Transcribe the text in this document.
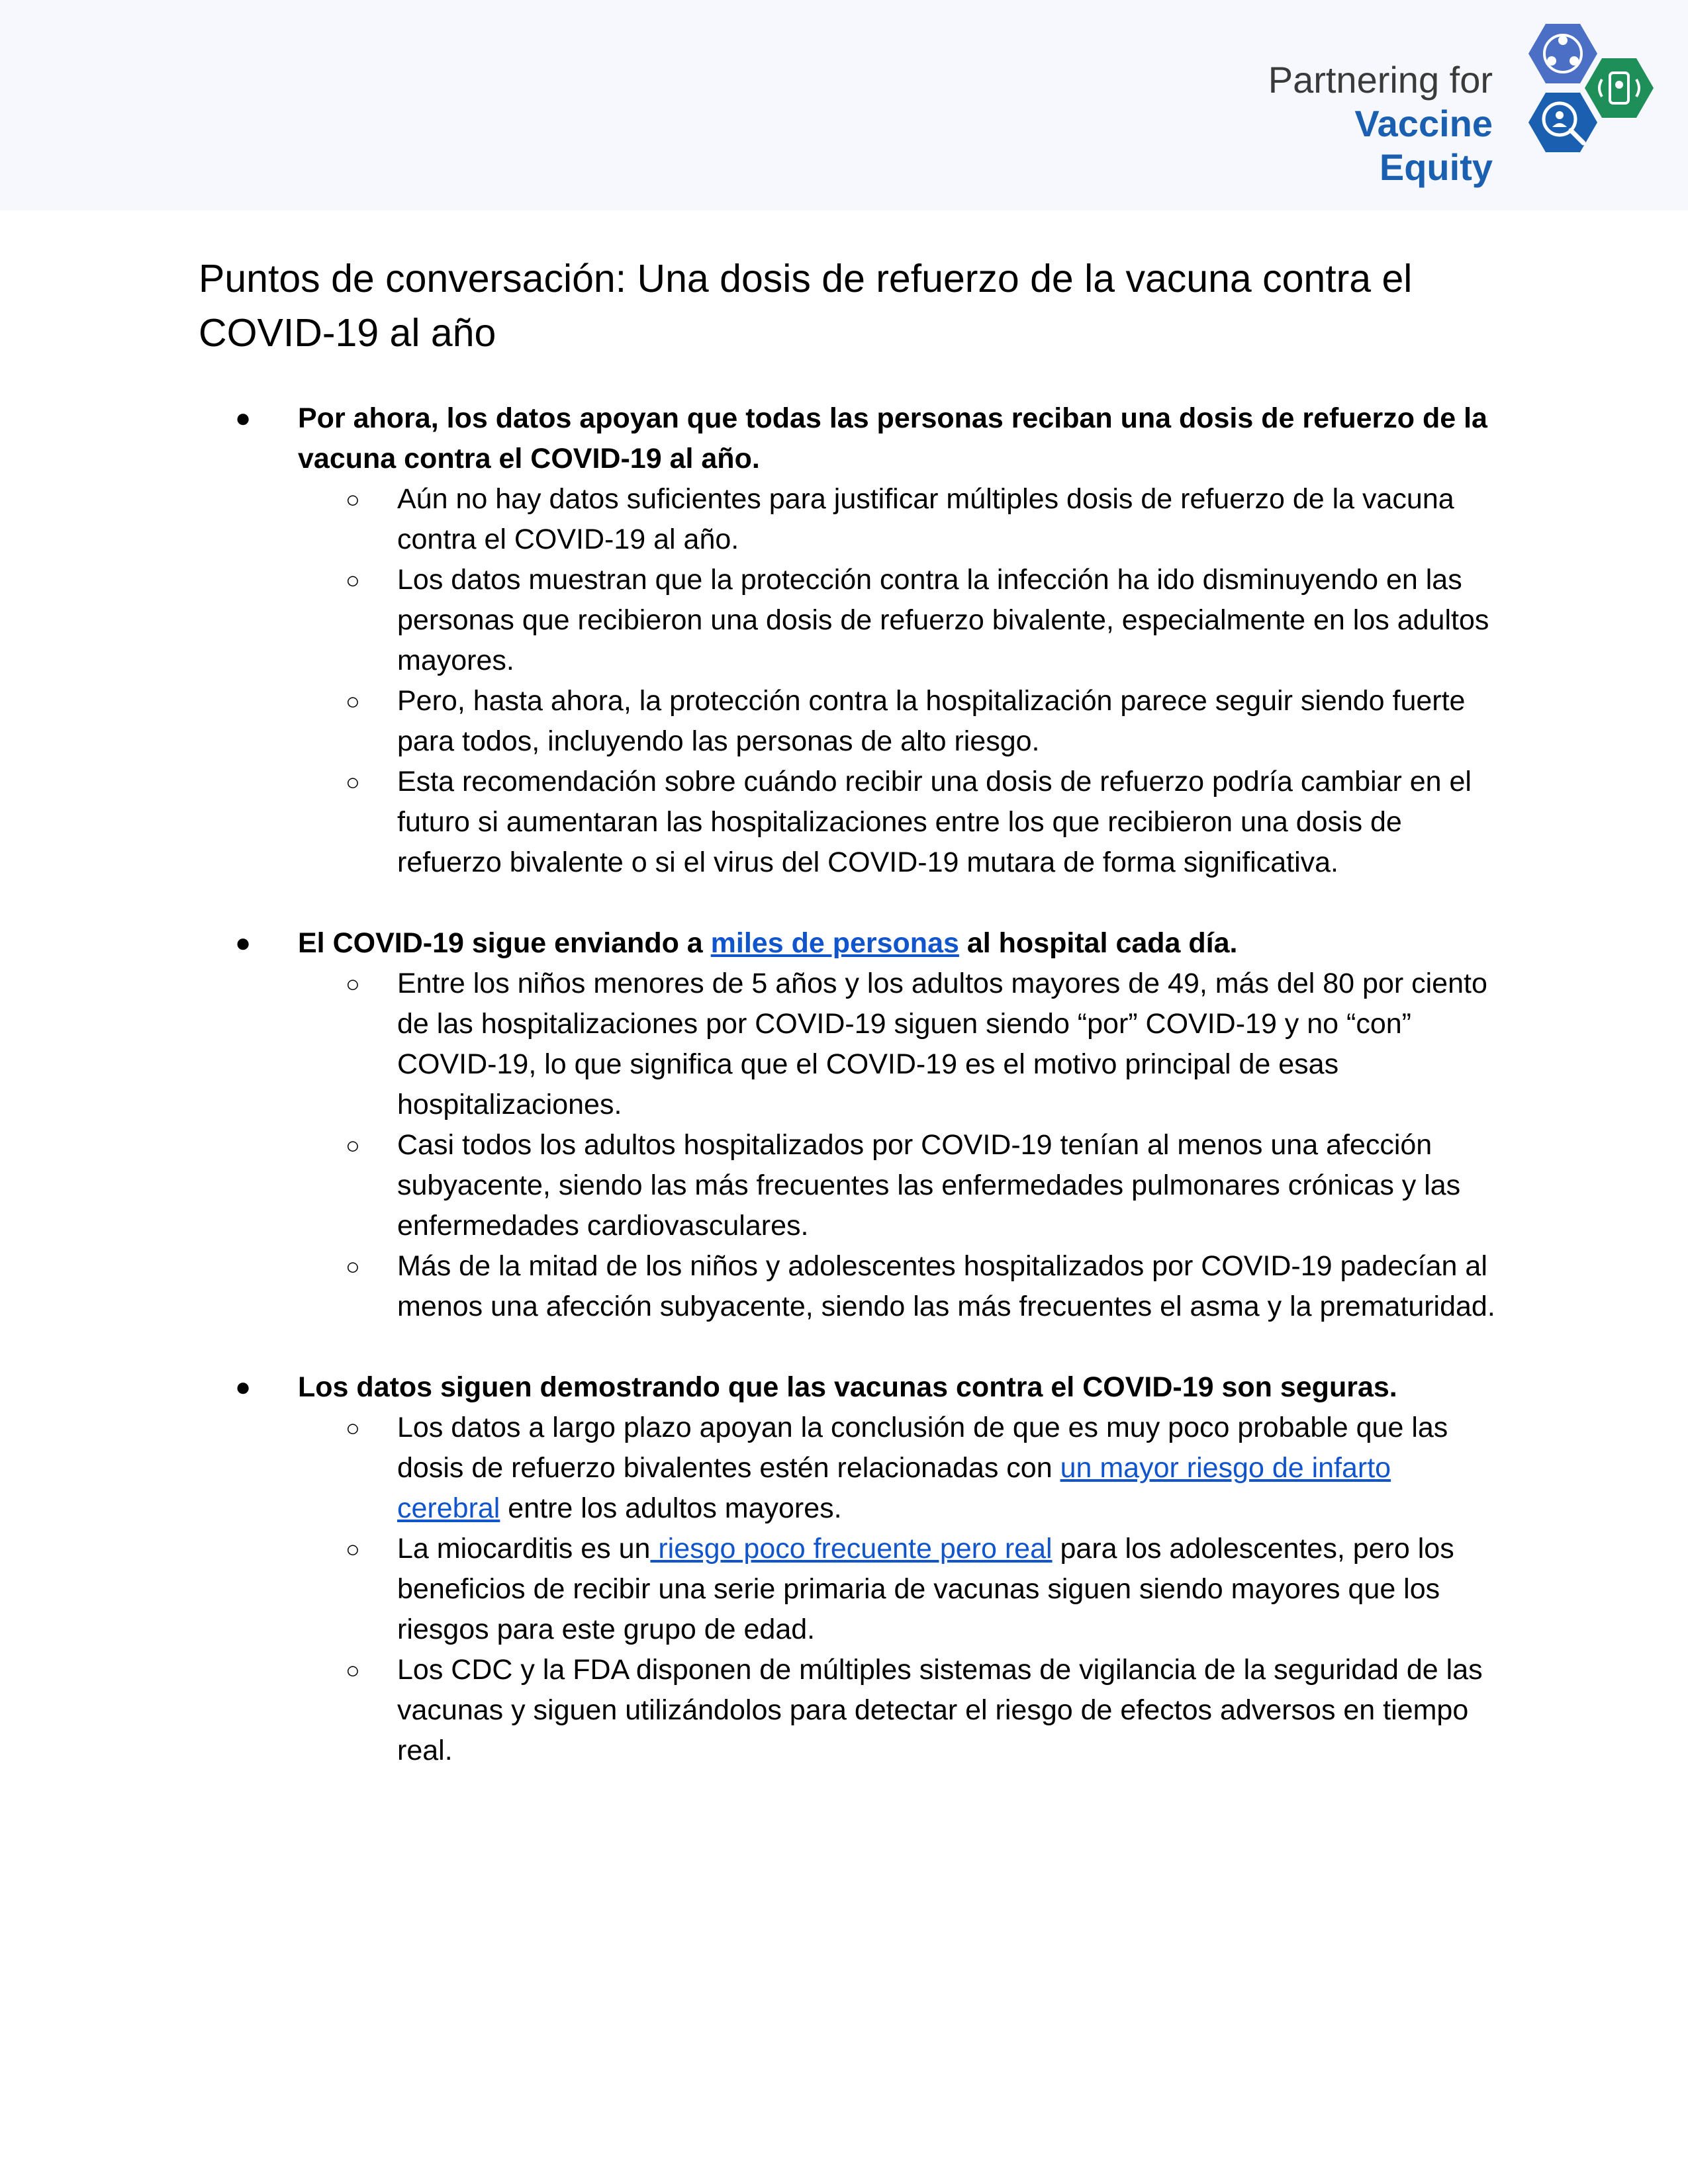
Partnering for
Vaccine Equity
Puntos de conversación: Una dosis de refuerzo de la vacuna contra el COVID-19 al año
● Por ahora, los datos apoyan que todas las personas reciban una dosis de refuerzo de la vacuna contra el COVID-19 al año.
○ Aún no hay datos suficientes para justificar múltiples dosis de refuerzo de la vacuna contra el COVID-19 al año.
○ Los datos muestran que la protección contra la infección ha ido disminuyendo en las personas que recibieron una dosis de refuerzo bivalente, especialmente en los adultos mayores.
○ Pero, hasta ahora, la protección contra la hospitalización parece seguir siendo fuerte para todos, incluyendo las personas de alto riesgo.
○ Esta recomendación sobre cuándo recibir una dosis de refuerzo podría cambiar en el futuro si aumentaran las hospitalizaciones entre los que recibieron una dosis de refuerzo bivalente o si el virus del COVID-19 mutara de forma significativa.
● El COVID-19 sigue enviando a miles de personas al hospital cada día.
○ Entre los niños menores de 5 años y los adultos mayores de 49, más del 80 por ciento de las hospitalizaciones por COVID-19 siguen siendo “por” COVID-19 y no “con” COVID-19, lo que significa que el COVID-19 es el motivo principal de esas hospitalizaciones.
○ Casi todos los adultos hospitalizados por COVID-19 tenían al menos una afección subyacente, siendo las más frecuentes las enfermedades pulmonares crónicas y las enfermedades cardiovasculares.
○ Más de la mitad de los niños y adolescentes hospitalizados por COVID-19 padecían al menos una afección subyacente, siendo las más frecuentes el asma y la prematuridad.
● Los datos siguen demostrando que las vacunas contra el COVID-19 son seguras.
○ Los datos a largo plazo apoyan la conclusión de que es muy poco probable que las dosis de refuerzo bivalentes estén relacionadas con un mayor riesgo de infarto cerebral entre los adultos mayores.
○ La miocarditis es un riesgo poco frecuente pero real para los adolescentes, pero los beneficios de recibir una serie primaria de vacunas siguen siendo mayores que los riesgos para este grupo de edad.
○ Los CDC y la FDA disponen de múltiples sistemas de vigilancia de la seguridad de las vacunas y siguen utilizándolos para detectar el riesgo de efectos adversos en tiempo real.
